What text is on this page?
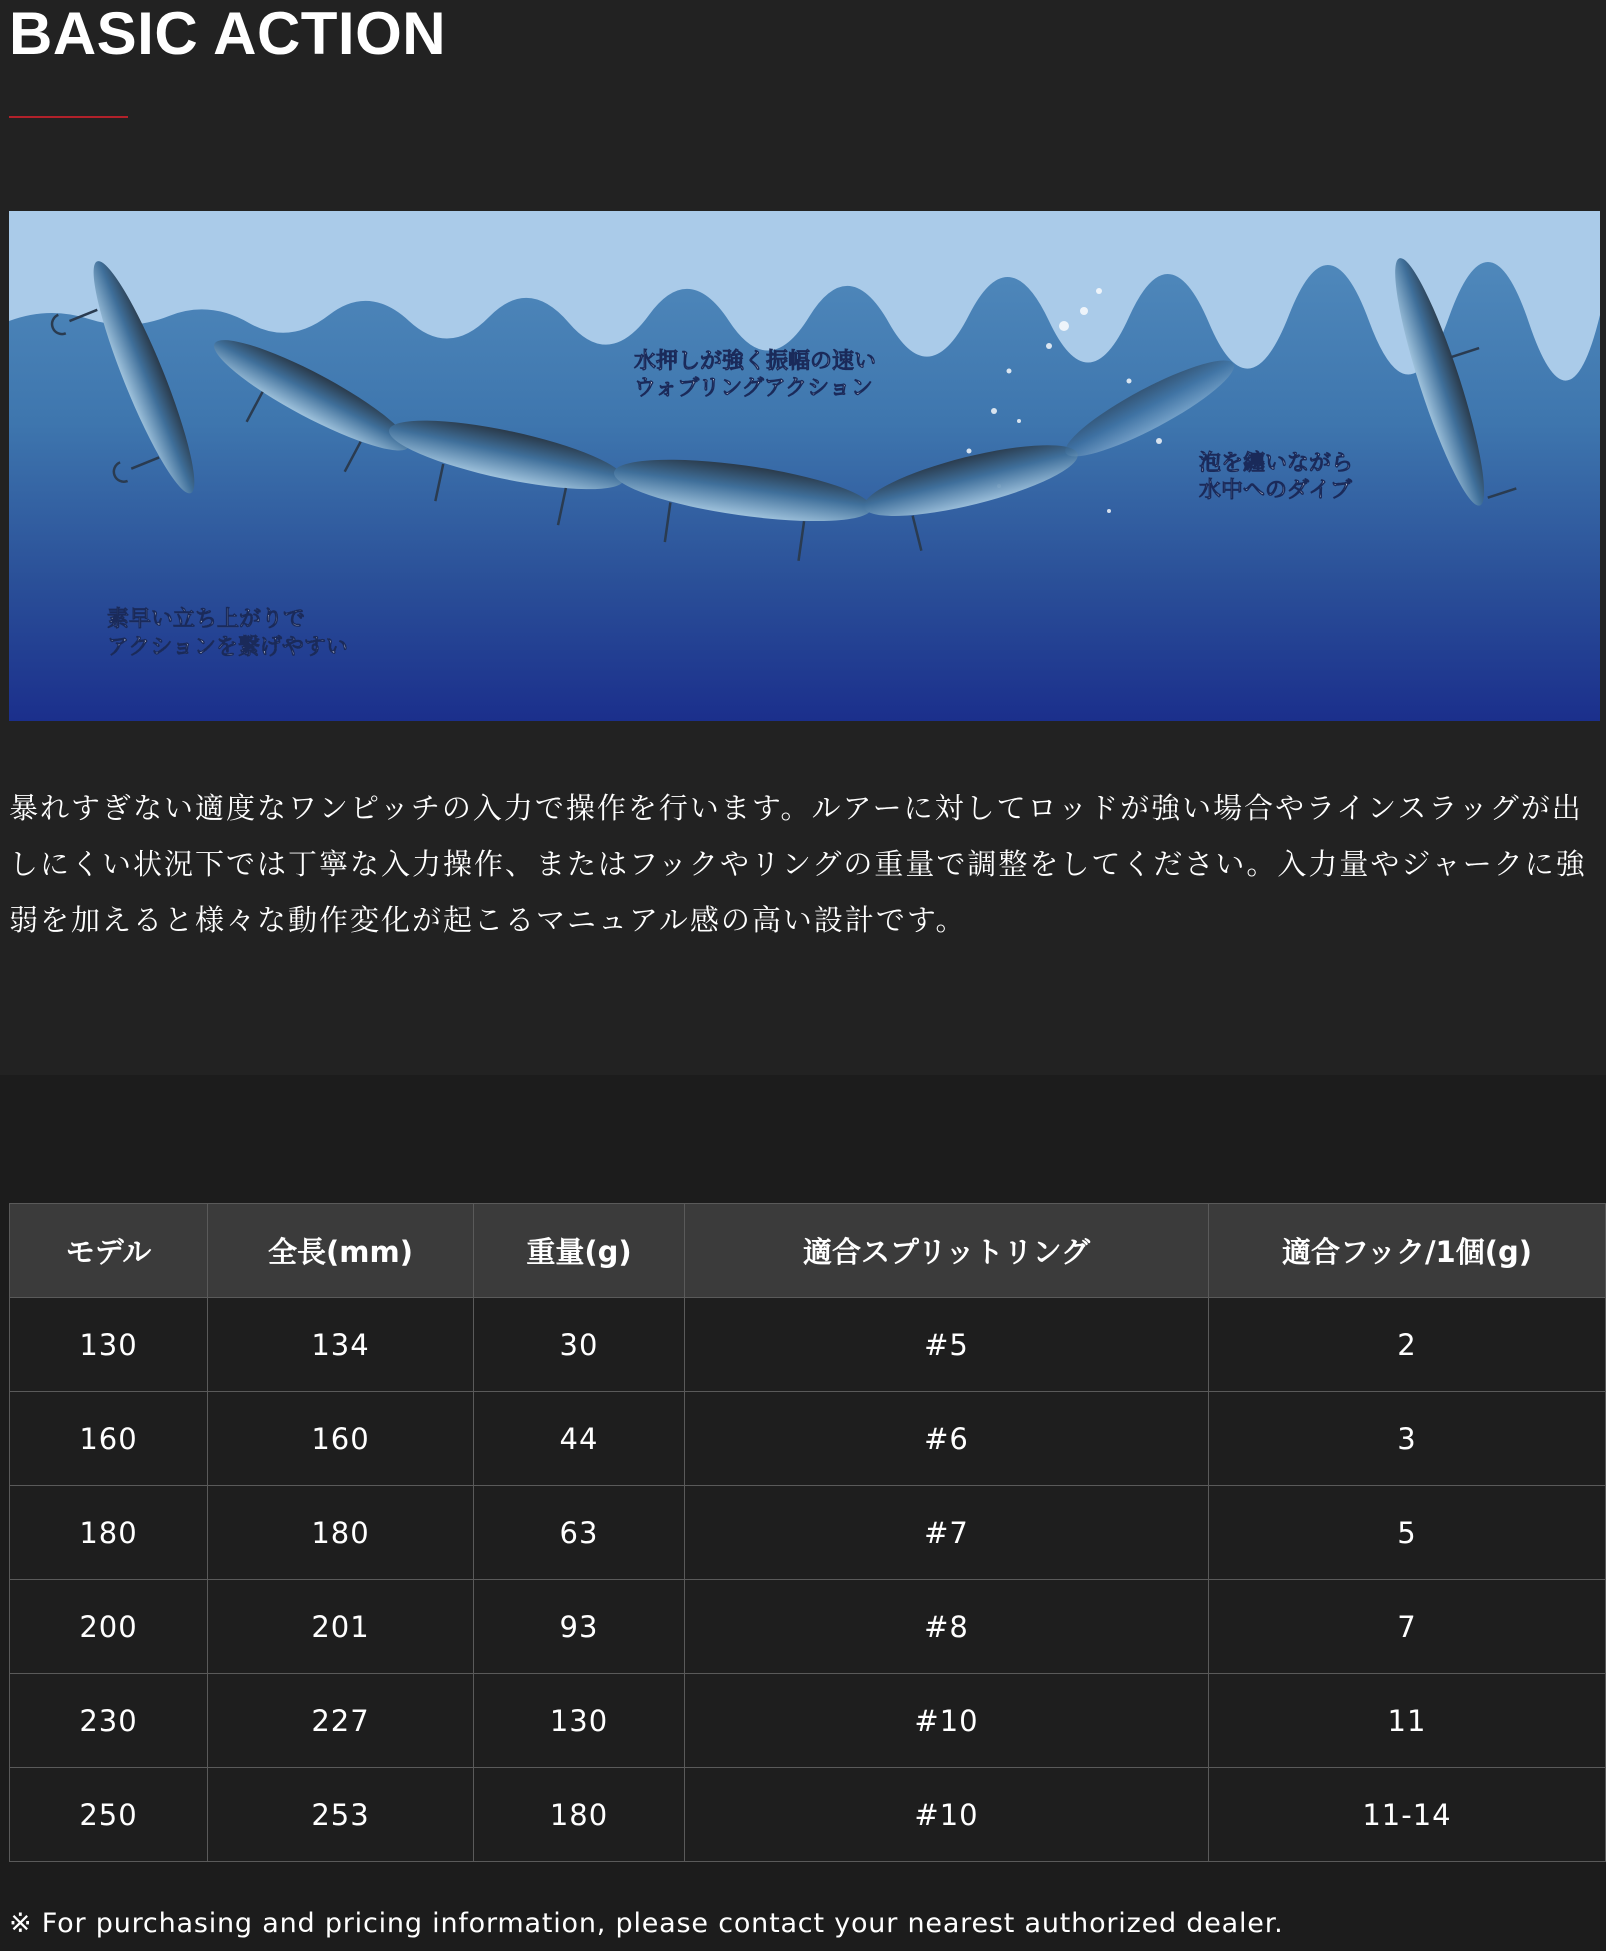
BASIC ACTION
素早い立ち上がりで
アクションを繋げやすい
水押しが強く振幅の速い
ウォブリングアクション
泡を纏いながら
水中へのダイブ

暴れすぎない適度なワンピッチの入力で操作を行います。ルアーに対してロッドが強い場合やラインスラッグが出しにくい状況下では丁寧な入力操作、またはフックやリングの重量で調整をしてください。入力量やジャークに強弱を加えると様々な動作変化が起こるマニュアル感の高い設計です。

モデル	全長(mm)	重量(g)	適合スプリットリング	適合フック/1個(g)
130	134	30	#5	2
160	160	44	#6	3
180	180	63	#7	5
200	201	93	#8	7
230	227	130	#10	11
250	253	180	#10	11-14

※ For purchasing and pricing information, please contact your nearest authorized dealer.
